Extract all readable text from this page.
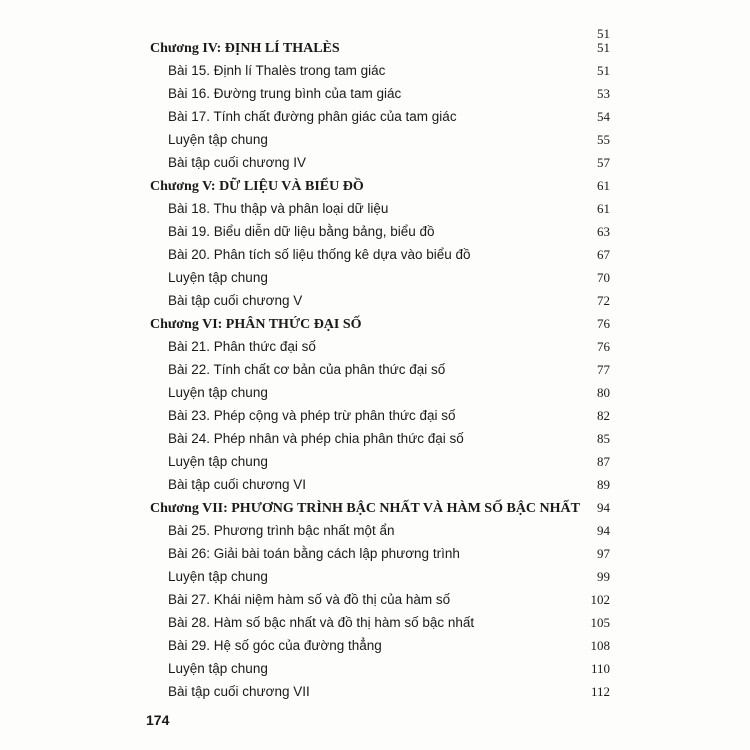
51
Chương IV: ĐỊNH LÍ THALÈS	51
Bài 15. Định lí Thalès trong tam giác	51
Bài 16. Đường trung bình của tam giác	53
Bài 17. Tính chất đường phân giác của tam giác	54
Luyện tập chung	55
Bài tập cuối chương IV	57
Chương V: DỮ LIỆU VÀ BIỂU ĐỒ	61
Bài 18. Thu thập và phân loại dữ liệu	61
Bài 19. Biểu diễn dữ liệu bằng bảng, biểu đồ	63
Bài 20. Phân tích số liệu thống kê dựa vào biểu đồ	67
Luyện tập chung	70
Bài tập cuối chương V	72
Chương VI: PHÂN THỨC ĐẠI SỐ	76
Bài 21. Phân thức đại số	76
Bài 22. Tính chất cơ bản của phân thức đại số	77
Luyện tập chung	80
Bài 23. Phép cộng và phép trừ phân thức đại số	82
Bài 24. Phép nhân và phép chia phân thức đại số	85
Luyện tập chung	87
Bài tập cuối chương VI	89
Chương VII: PHƯƠNG TRÌNH BẬC NHẤT VÀ HÀM SỐ BẬC NHẤT 94
Bài 25. Phương trình bậc nhất một ẩn	94
Bài 26: Giải bài toán bằng cách lập phương trình	97
Luyện tập chung	99
Bài 27. Khái niệm hàm số và đồ thị của hàm số	102
Bài 28. Hàm số bậc nhất và đồ thị hàm số bậc nhất	105
Bài 29. Hệ số góc của đường thẳng	108
Luyện tập chung	110
Bài tập cuối chương VII	112
174
